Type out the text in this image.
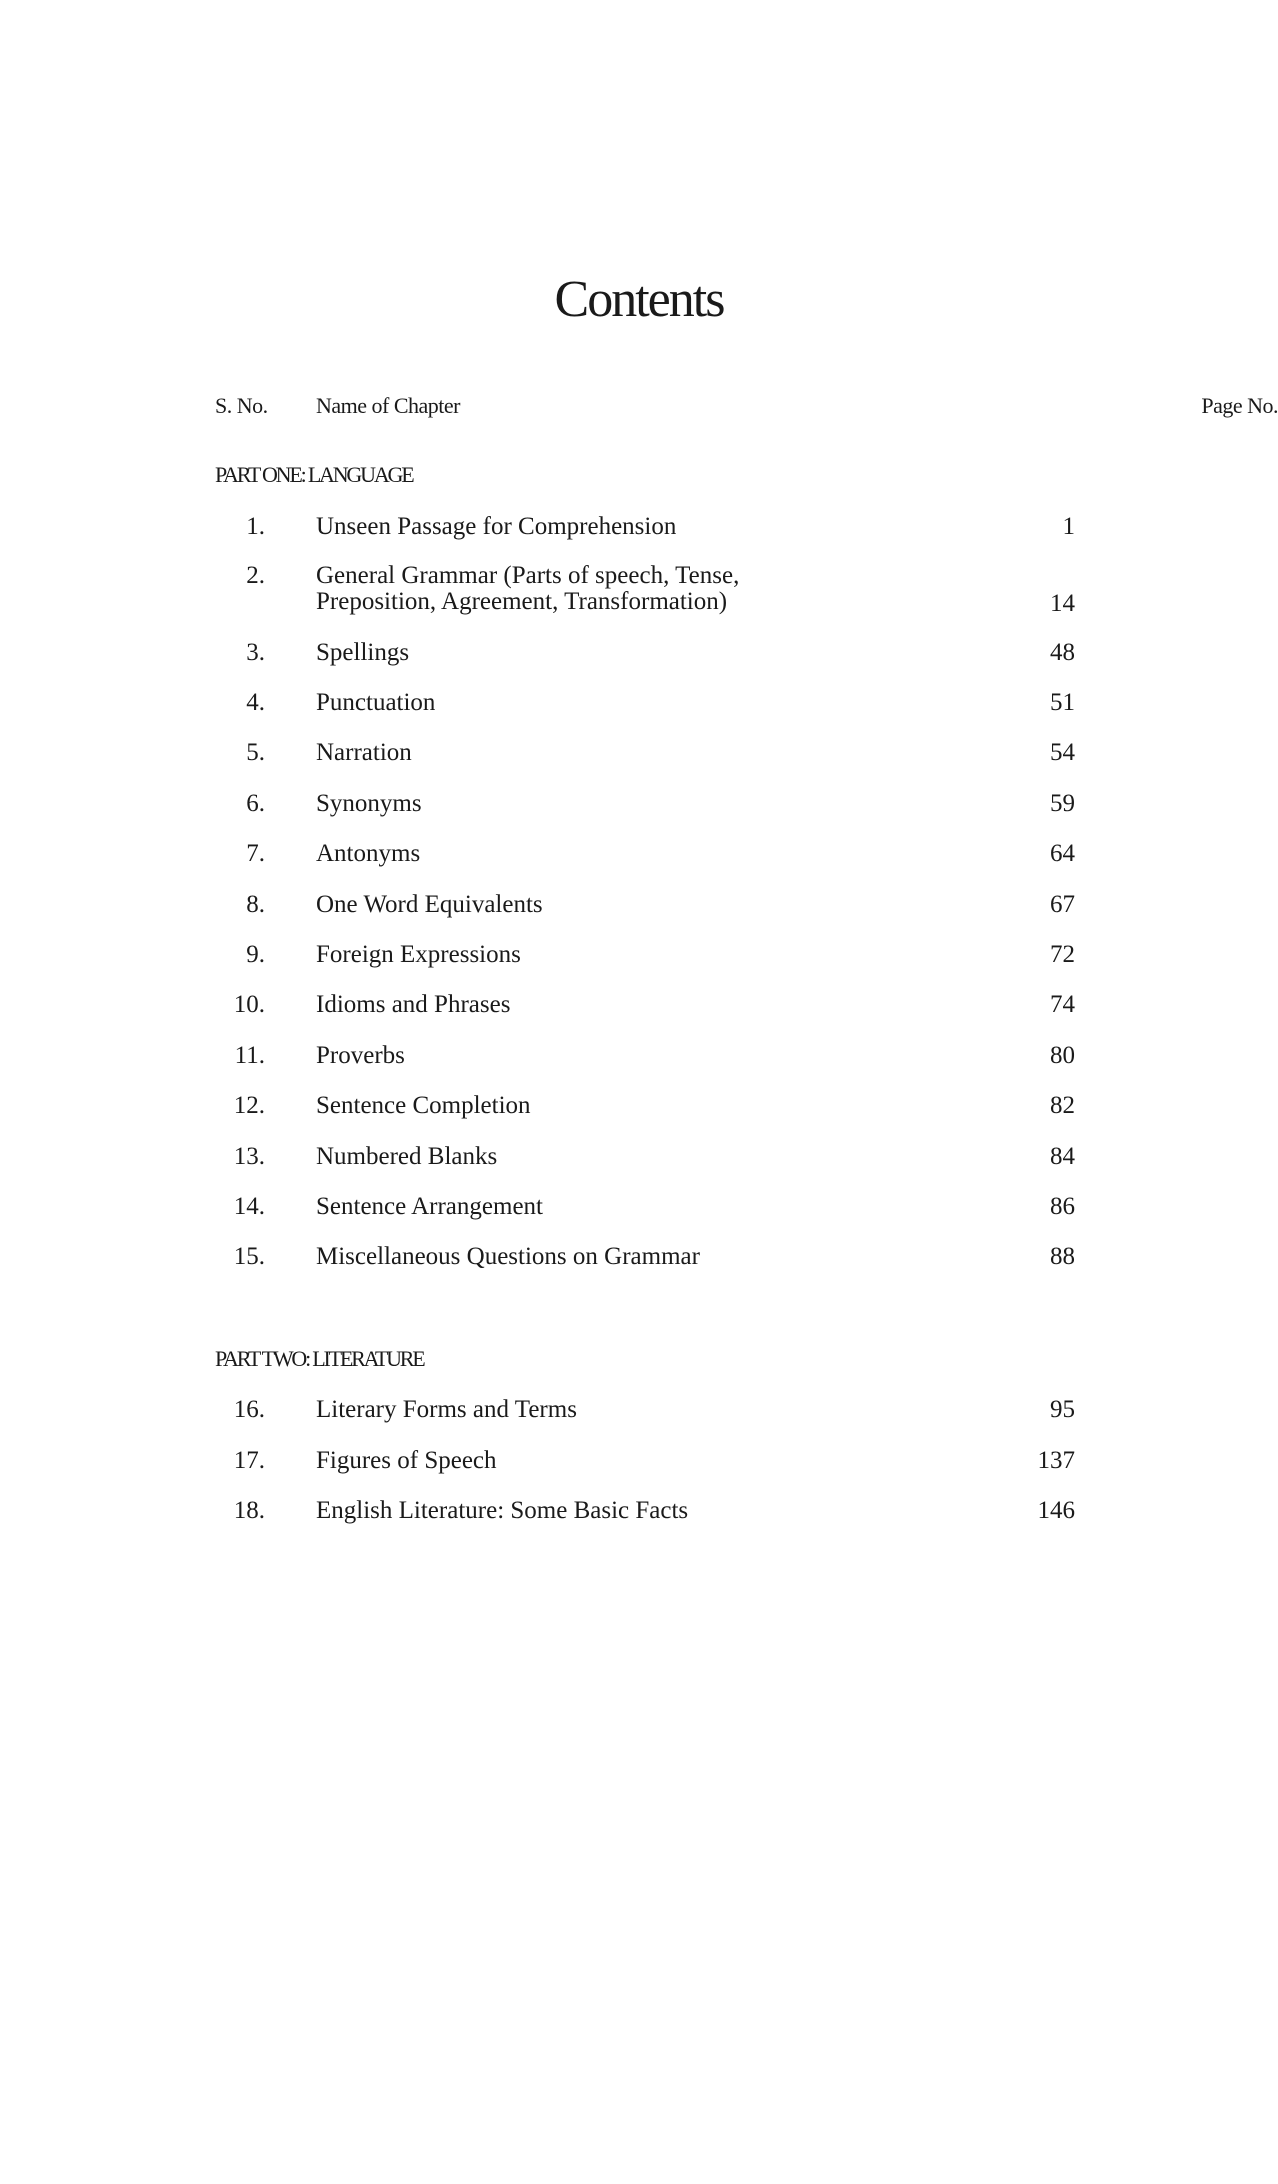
Contents
S. No. Name of Chapter	Page No.
PART ONE: LANGUAGE
1. Unseen Passage for Comprehension	1
2. General Grammar (Parts of speech, Tense,
Preposition, Agreement, Transformation)	14
3. Spellings	48
4. Punctuation	51
5. Narration	54
6. Synonyms	59
7. Antonyms	64
8. One Word Equivalents	67
9. Foreign Expressions	72
10. Idioms and Phrases	74
11. Proverbs	80
12. Sentence Completion	82
13. Numbered Blanks	84
14. Sentence Arrangement	86
15. Miscellaneous Questions on Grammar	88
PART TWO: LITERATURE
16. Literary Forms and Terms	95
17. Figures of Speech	137
18. English Literature: Some Basic Facts	146
